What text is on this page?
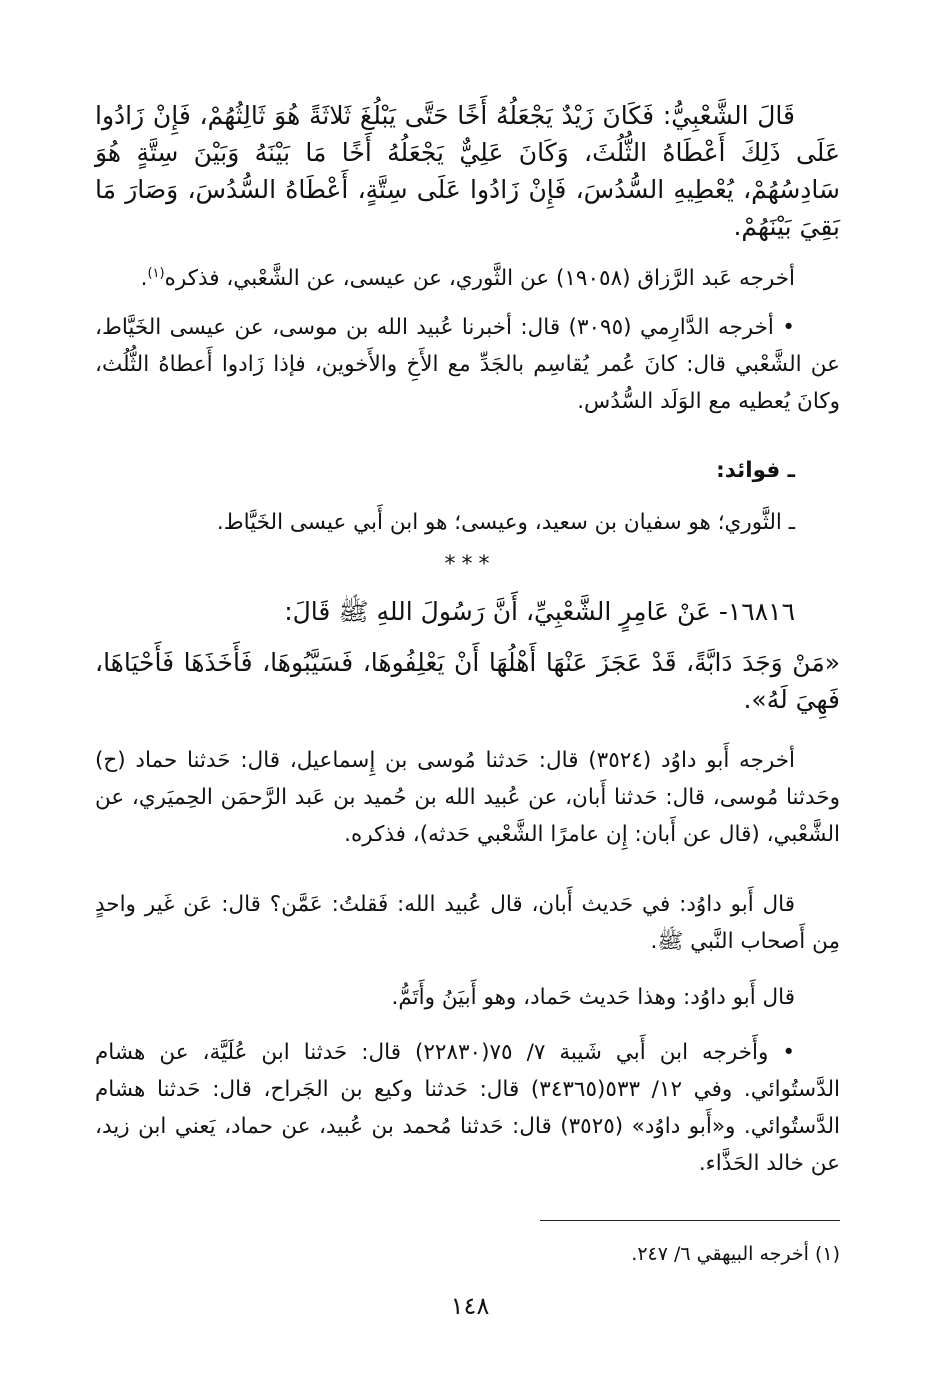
قَالَ الشَّعْبِيُّ: فَكَانَ زَيْدٌ يَجْعَلُهُ أَخًا حَتَّى يَبْلُغَ ثَلاثَةً هُوَ ثَالِثُهُمْ، فَإِنْ زَادُوا عَلَى ذَلِكَ أَعْطَاهُ الثُّلُثَ، وَكَانَ عَلِيٌّ يَجْعَلُهُ أَخًا مَا بَيْنَهُ وَبَيْنَ سِتَّةٍ هُوَ سَادِسُهُمْ، يُعْطِيهِ السُّدُسَ، فَإِنْ زَادُوا عَلَى سِتَّةٍ، أَعْطَاهُ السُّدُسَ، وَصَارَ مَا بَقِيَ بَيْنَهُمْ.
أخرجه عَبد الرَّزاق (١٩٠٥٨) عن الثَّوري، عن عيسى، عن الشَّعْبي، فذكره$^{(١)}$.
• أخرجه الدَّارِمي (٣٠٩٥) قال: أخبرنا عُبيد الله بن موسى، عن عيسى الخَيَّاط، عن الشَّعْبي قال: كانَ عُمر يُقاسِم بالجَدِّ مع الأَخِ والأَخوين، فإذا زَادوا أَعطاهُ الثُّلُث، وكانَ يُعطيه مع الوَلَد السُّدُس.
ـ فوائد:
ـ الثَّوري؛ هو سفيان بن سعيد، وعيسى؛ هو ابن أَبي عيسى الخَيَّاط.
***
١٦٨١٦- عَنْ عَامِرٍ الشَّعْبِيِّ، أَنَّ رَسُولَ اللهِ ﷺ قَالَ:
«مَنْ وَجَدَ دَابَّةً، قَدْ عَجَزَ عَنْهَا أَهْلُهَا أَنْ يَعْلِفُوهَا، فَسَيَّبُوهَا، فَأَخَذَهَا فَأَحْيَاهَا، فَهِيَ لَهُ».
أخرجه أَبو داوُد (٣٥٢٤) قال: حَدثنا مُوسى بن إِسماعيل، قال: حَدثنا حماد (ح) وحَدثنا مُوسى، قال: حَدثنا أَبان، عن عُبيد الله بن حُميد بن عَبد الرَّحمَن الحِميَري، عن الشَّعْبي، (قال عن أَبان: إِن عامرًا الشَّعْبي حَدثه)، فذكره.
قال أَبو داوُد: في حَديث أَبان، قال عُبيد الله: فَقلتُ: عَمَّن؟ قال: عَن غَير واحدٍ مِن أَصحاب النَّبي ﷺ.
قال أَبو داوُد: وهذا حَديث حَماد، وهو أَبيَنُ وأَتَمُّ.
• وأَخرجه ابن أَبي شَيبة ٧/ ٧٥(٢٢٨٣٠) قال: حَدثنا ابن عُلَيَّة، عن هشام الدَّستُوائي. وفي ١٢/ ٥٣٣(٣٤٣٦٥) قال: حَدثنا وكيع بن الجَراح، قال: حَدثنا هشام الدَّستُوائي. و«أَبو داوُد» (٣٥٢٥) قال: حَدثنا مُحمد بن عُبيد، عن حماد، يَعني ابن زيد، عن خالد الحَذَّاء.
(١) أخرجه البيهقي ٦/ ٢٤٧.
١٤٨
